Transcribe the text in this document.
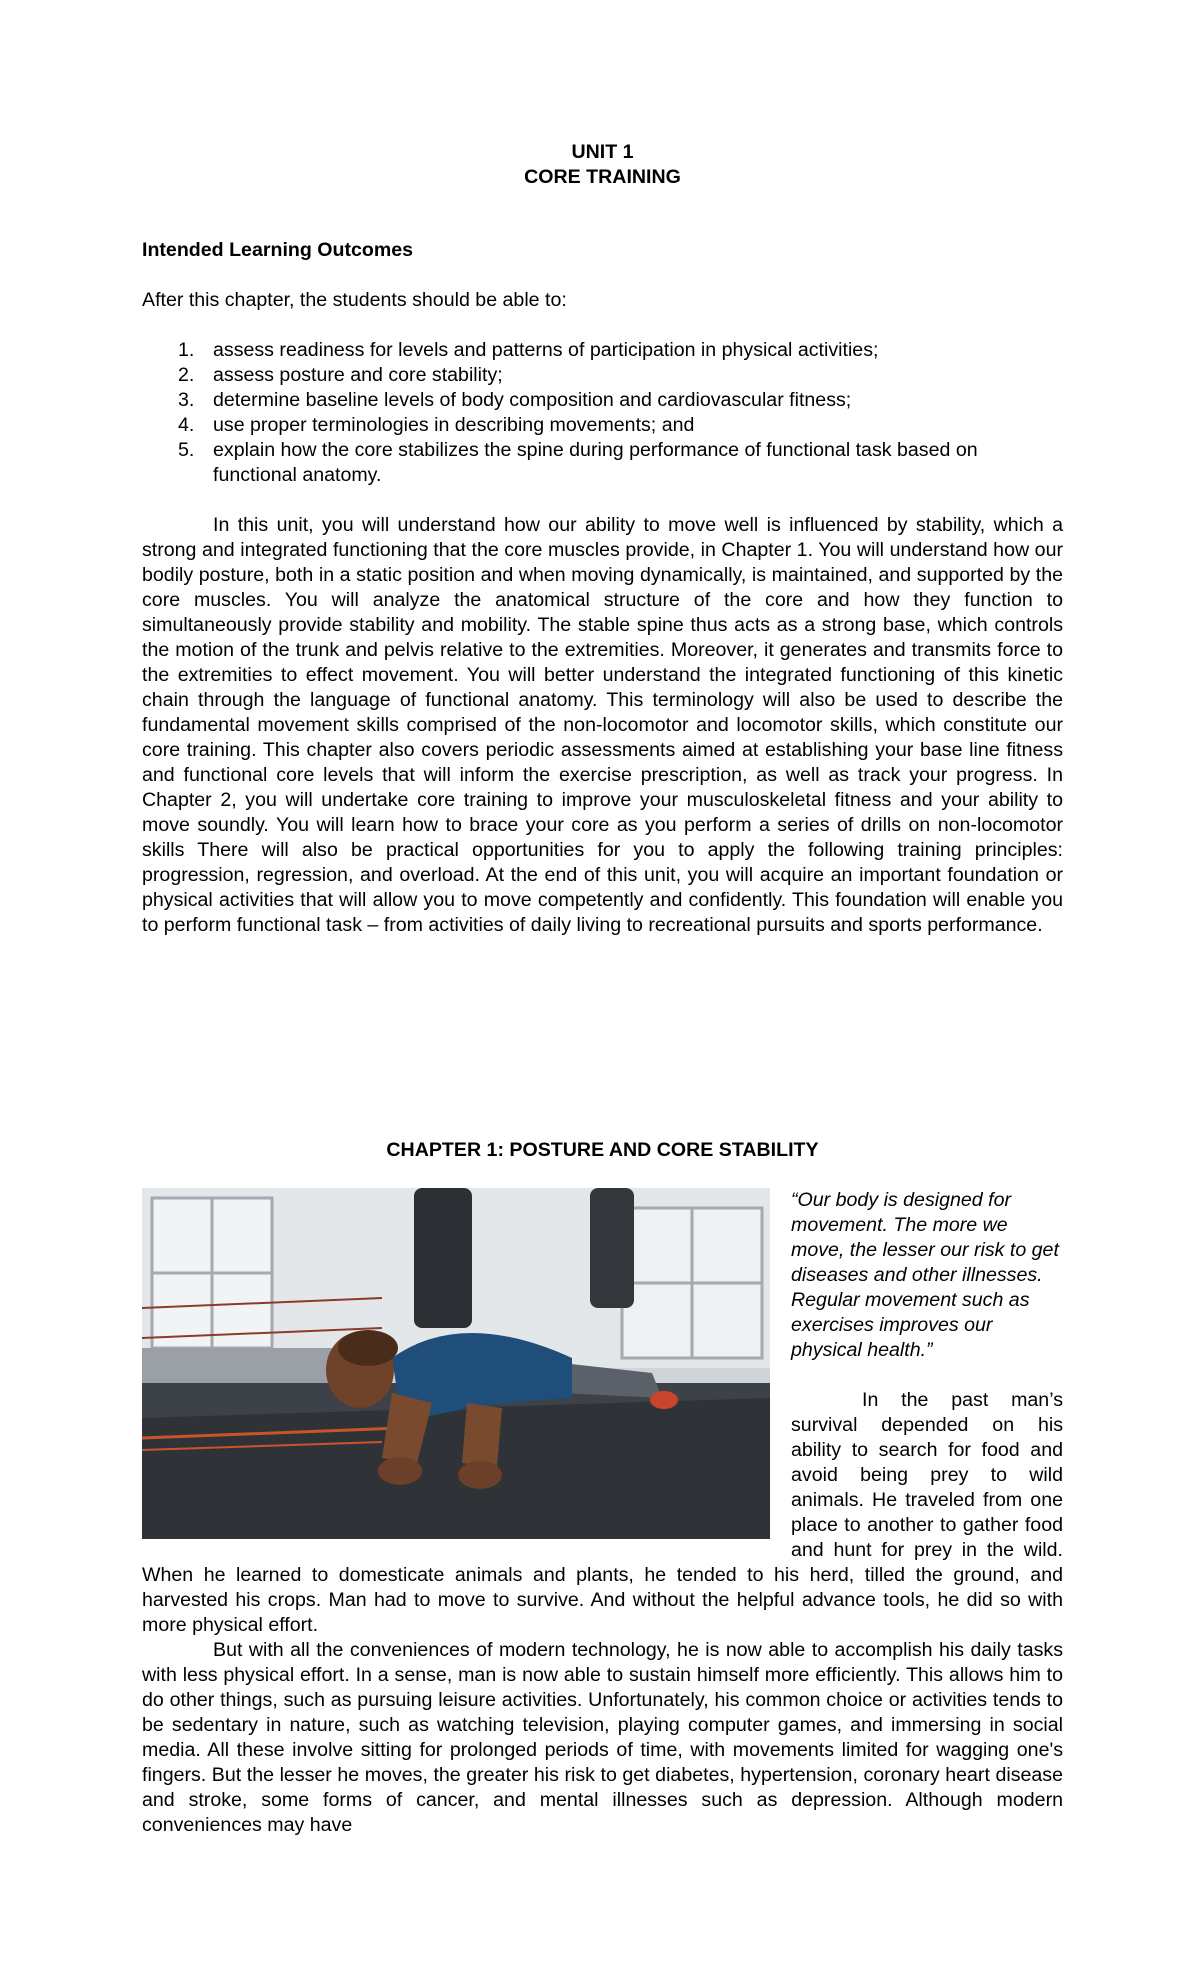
UNIT 1

CORE TRAINING

Intended Learning Outcomes

After this chapter, the students should be able to:

1. assess readiness for levels and patterns of participation in physical activities;
2. assess posture and core stability;
3. determine baseline levels of body composition and cardiovascular fitness;
4. use proper terminologies in describing movements; and
5. explain how the core stabilizes the spine during performance of functional task based on functional anatomy.

In this unit, you will understand how our ability to move well is influenced by stability, which a strong and integrated functioning that the core muscles provide, in Chapter 1. You will understand how our bodily posture, both in a static position and when moving dynamically, is maintained, and supported by the core muscles. You will analyze the anatomical structure of the core and how they function to simultaneously provide stability and mobility. The stable spine thus acts as a strong base, which controls the motion of the trunk and pelvis relative to the extremities. Moreover, it generates and transmits force to the extremities to effect movement. You will better understand the integrated functioning of this kinetic chain through the language of functional anatomy. This terminology will also be used to describe the fundamental movement skills comprised of the non-locomotor and locomotor skills, which constitute our core training. This chapter also covers periodic assessments aimed at establishing your base line fitness and functional core levels that will inform the exercise prescription, as well as track your progress. In Chapter 2, you will undertake core training to improve your musculoskeletal fitness and your ability to move soundly. You will learn how to brace your core as you perform a series of drills on non-locomotor skills There will also be practical opportunities for you to apply the following training principles: progression, regression, and overload. At the end of this unit, you will acquire an important foundation or physical activities that will allow you to move competently and confidently. This foundation will enable you to perform functional task – from activities of daily living to recreational pursuits and sports performance.

CHAPTER 1: POSTURE AND CORE STABILITY

“Our body is designed for movement. The more we move, the lesser our risk to get diseases and other illnesses. Regular movement such as exercises improves our physical health.”

In the past man’s survival depended on his ability to search for food and avoid being prey to wild animals. He traveled from one place to another to gather food and hunt for prey in the wild. When he learned to domesticate animals and plants, he tended to his herd, tilled the ground, and harvested his crops. Man had to move to survive. And without the helpful advance tools, he did so with more physical effort.

But with all the conveniences of modern technology, he is now able to accomplish his daily tasks with less physical effort. In a sense, man is now able to sustain himself more efficiently. This allows him to do other things, such as pursuing leisure activities. Unfortunately, his common choice or activities tends to be sedentary in nature, such as watching television, playing computer games, and immersing in social media. All these involve sitting for prolonged periods of time, with movements limited for wagging one's fingers. But the lesser he moves, the greater his risk to get diabetes, hypertension, coronary heart disease and stroke, some forms of cancer, and mental illnesses such as depression. Although modern conveniences may have
